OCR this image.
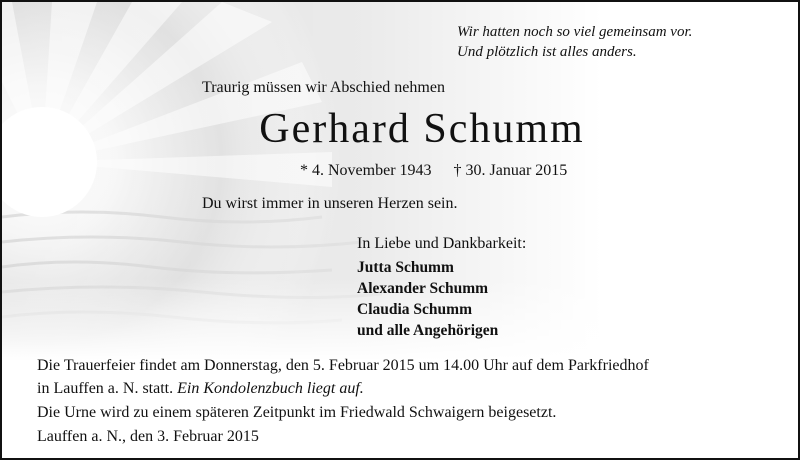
Wir hatten noch so viel gemeinsam vor.
Und plötzlich ist alles anders.
Traurig müssen wir Abschied nehmen
Gerhard Schumm
* 4. November 1943 † 30. Januar 2015
Du wirst immer in unseren Herzen sein.
In Liebe und Dankbarkeit:
Jutta Schumm
Alexander Schumm
Claudia Schumm
und alle Angehörigen
Die Trauerfeier findet am Donnerstag, den 5. Februar 2015 um 14.00 Uhr auf dem Parkfriedhof
in Lauffen a. N. statt. Ein Kondolenzbuch liegt auf.
Die Urne wird zu einem späteren Zeitpunkt im Friedwald Schwaigern beigesetzt.
Lauffen a. N., den 3. Februar 2015
